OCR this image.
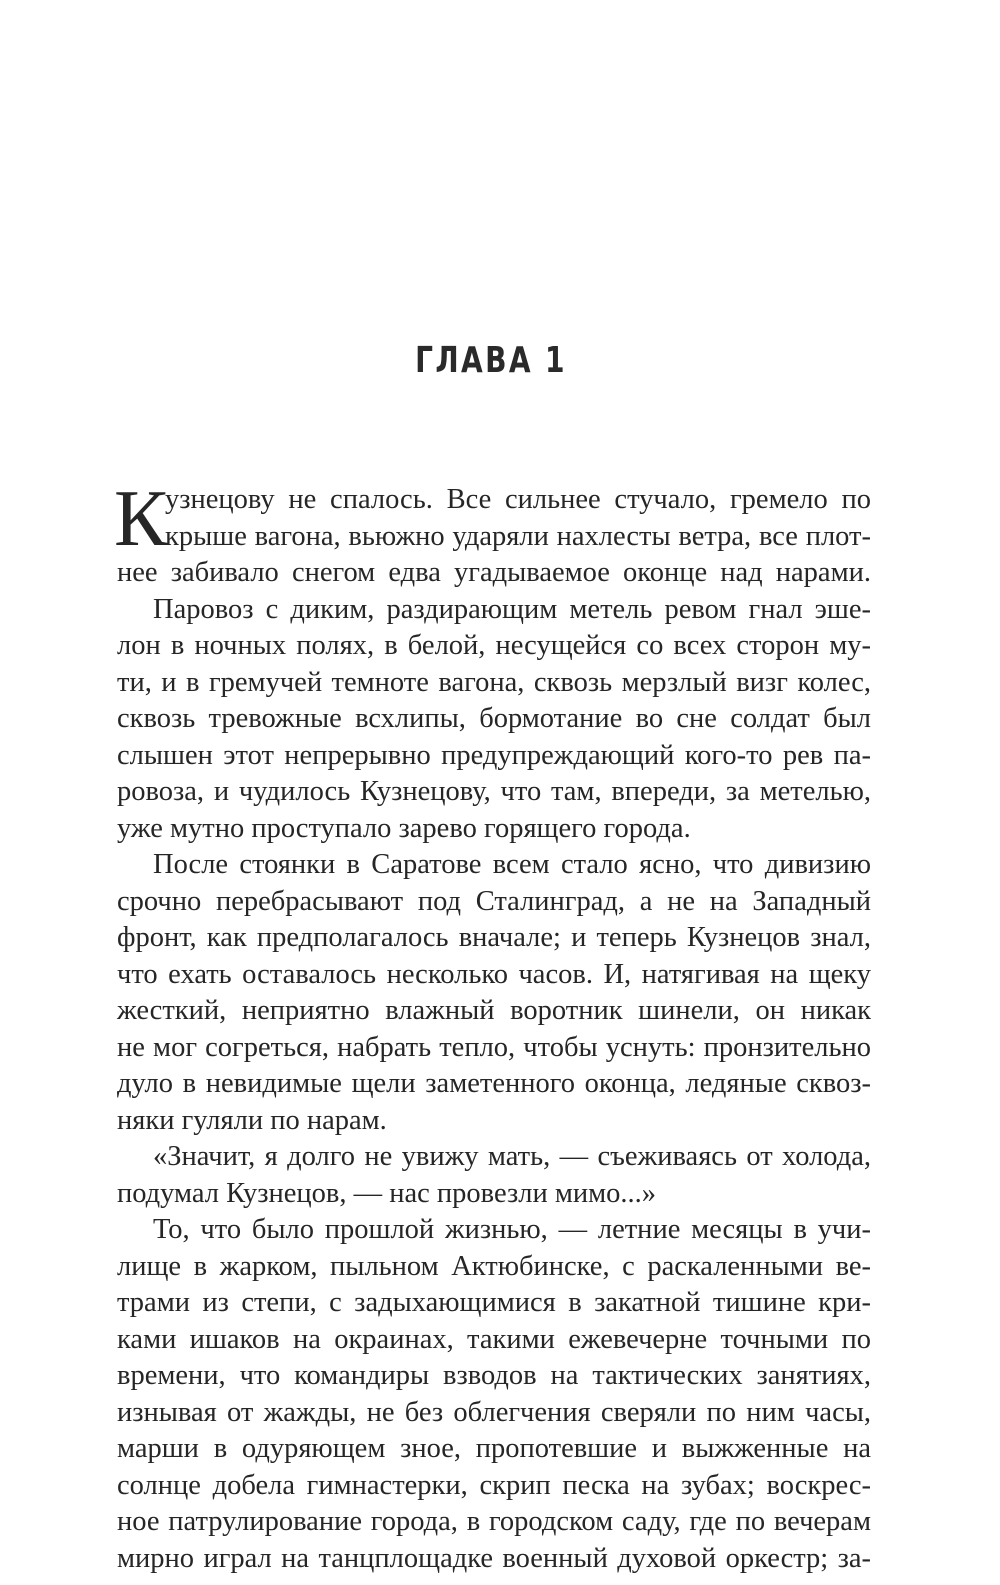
ГЛАВА 1
К
узнецову не спалось. Все сильнее стучало, гремело по
крыше вагона, вьюжно ударяли нахлесты ветра, все плот-
нее забивало снегом едва угадываемое оконце над нарами.
Паровоз с диким, раздирающим метель ревом гнал эше-
лон в ночных полях, в белой, несущейся со всех сторон му-
ти, и в гремучей темноте вагона, сквозь мерзлый визг колес,
сквозь тревожные всхлипы, бормотание во сне солдат был
слышен этот непрерывно предупреждающий кого-то рев па-
ровоза, и чудилось Кузнецову, что там, впереди, за метелью,
уже мутно проступало зарево горящего города.
После стоянки в Саратове всем стало ясно, что дивизию
срочно перебрасывают под Сталинград, а не на Западный
фронт, как предполагалось вначале; и теперь Кузнецов знал,
что ехать оставалось несколько часов. И, натягивая на щеку
жесткий, неприятно влажный воротник шинели, он никак
не мог согреться, набрать тепло, чтобы уснуть: пронзительно
дуло в невидимые щели заметенного оконца, ледяные сквоз-
няки гуляли по нарам.
«Значит, я долго не увижу мать, — съеживаясь от холода,
подумал Кузнецов, — нас провезли мимо...»
То, что было прошлой жизнью, — летние месяцы в учи-
лище в жарком, пыльном Актюбинске, с раскаленными ве-
трами из степи, с задыхающимися в закатной тишине кри-
ками ишаков на окраинах, такими ежевечерне точными по
времени, что командиры взводов на тактических занятиях,
изнывая от жажды, не без облегчения сверяли по ним часы,
марши в одуряющем зное, пропотевшие и выжженные на
солнце добела гимнастерки, скрип песка на зубах; воскрес-
ное патрулирование города, в городском саду, где по вечерам
мирно играл на танцплощадке военный духовой оркестр; за-
